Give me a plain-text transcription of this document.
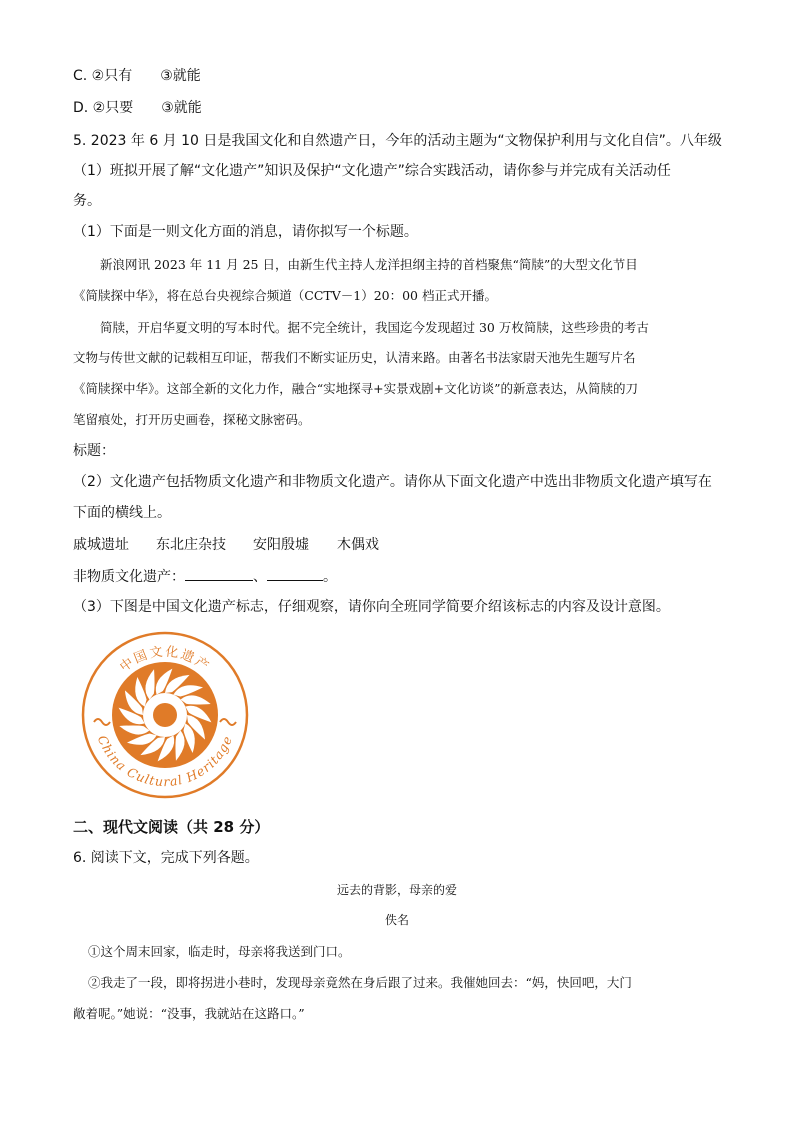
C. ②只有　　③就能
D. ②只要　　③就能
5. 2023 年 6 月 10 日是我国文化和自然遗产日，今年的活动主题为“文物保护利用与文化自信”。八年级
（1）班拟开展了解“文化遗产”知识及保护“文化遗产”综合实践活动，请你参与并完成有关活动任
务。
（1）下面是一则文化方面的消息，请你拟写一个标题。
新浪网讯 2023 年 11 月 25 日，由新生代主持人龙洋担纲主持的首档聚焦“简牍”的大型文化节目
《简牍探中华》，将在总台央视综合频道（CCTV－1）20：00 档正式开播。
简牍，开启华夏文明的写本时代。据不完全统计，我国迄今发现超过 30 万枚简牍，这些珍贵的考古
文物与传世文献的记载相互印证，帮我们不断实证历史，认清来路。由著名书法家尉天池先生题写片名
《简牍探中华》。这部全新的文化力作，融合“实地探寻+实景戏剧+文化访谈”的新意表达，从简牍的刀
笔留痕处，打开历史画卷，探秘文脉密码。
标题：
（2）文化遗产包括物质文化遗产和非物质文化遗产。请你从下面文化遗产中选出非物质文化遗产填写在
下面的横线上。
戚城遗址 东北庄杂技 安阳殷墟 木偶戏
非物质文化遗产：	、	。
（3）下图是中国文化遗产标志，仔细观察，请你向全班同学简要介绍该标志的内容及设计意图。
中国文化遗产
China Cultural Heritage
二、现代文阅读（共 28 分）
6. 阅读下文，完成下列各题。
远去的背影，母亲的爱
佚名
①这个周末回家，临走时，母亲将我送到门口。
②我走了一段，即将拐进小巷时，发现母亲竟然在身后跟了过来。我催她回去：“妈，快回吧，大门
敞着呢。”她说：“没事，我就站在这路口。”
